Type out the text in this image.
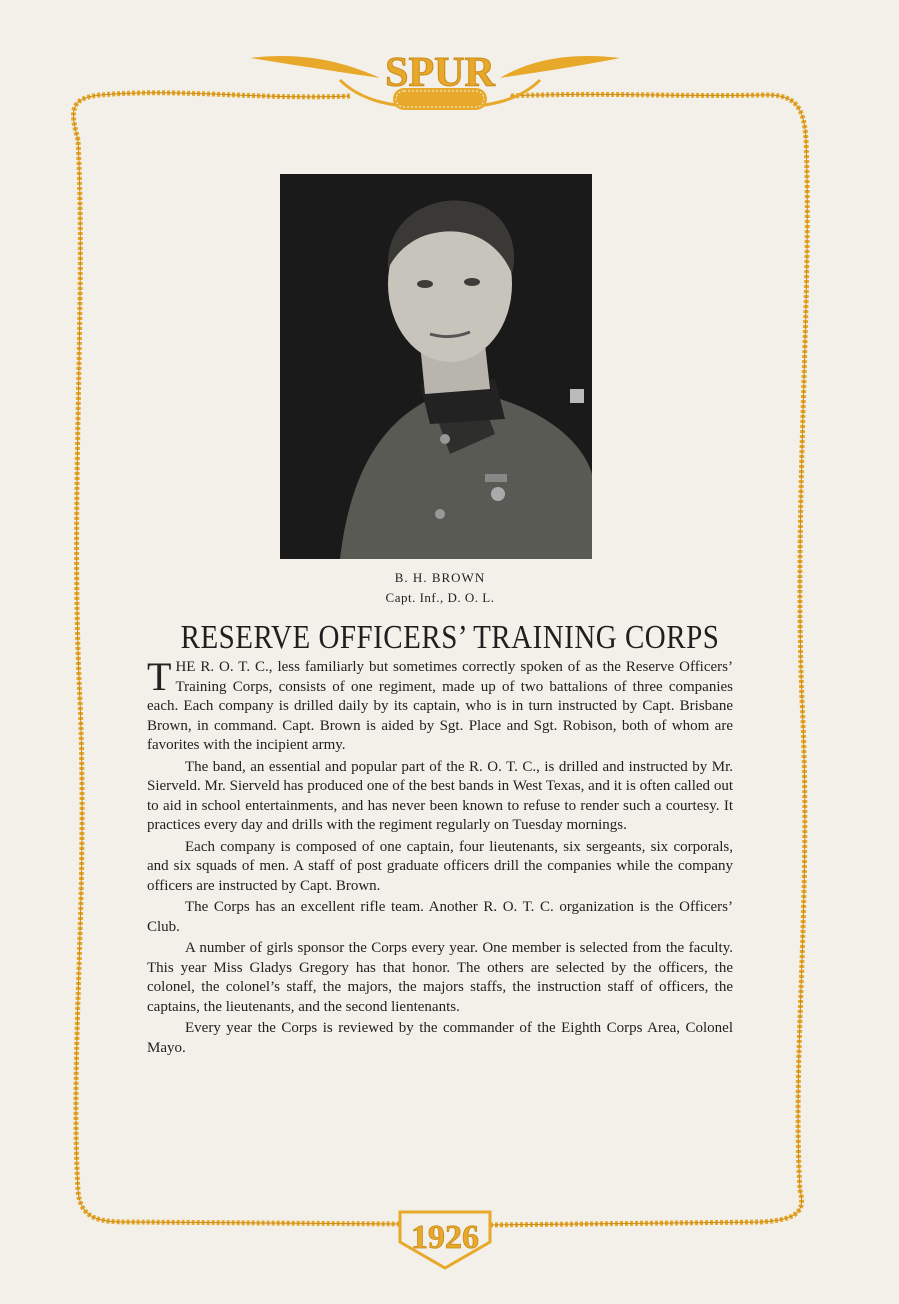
SPUR
1926
B. H. BROWN
Capt. Inf., D. O. L.
RESERVE OFFICERS’ TRAINING CORPS

THE R. O. T. C., less familiarly but sometimes correctly spoken of as the Reserve Officers’ Training Corps, consists of one regiment, made up of two battalions of three companies each. Each company is drilled daily by its captain, who is in turn instructed by Capt. Brisbane Brown, in command. Capt. Brown is aided by Sgt. Place and Sgt. Robison, both of whom are favorites with the incipient army.

The band, an essential and popular part of the R. O. T. C., is drilled and instructed by Mr. Sierveld. Mr. Sierveld has produced one of the best bands in West Texas, and it is often called out to aid in school entertainments, and has never been known to refuse to render such a courtesy. It practices every day and drills with the regiment regularly on Tuesday mornings.

Each company is composed of one captain, four lieutenants, six sergeants, six corporals, and six squads of men. A staff of post graduate officers drill the companies while the company officers are instructed by Capt. Brown.

The Corps has an excellent rifle team. Another R. O. T. C. organization is the Officers’ Club.

A number of girls sponsor the Corps every year. One member is selected from the faculty. This year Miss Gladys Gregory has that honor. The others are selected by the officers, the colonel, the colonel’s staff, the majors, the majors staffs, the instruction staff of officers, the captains, the lieutenants, and the second lientenants.

Every year the Corps is reviewed by the commander of the Eighth Corps Area, Colonel Mayo.
